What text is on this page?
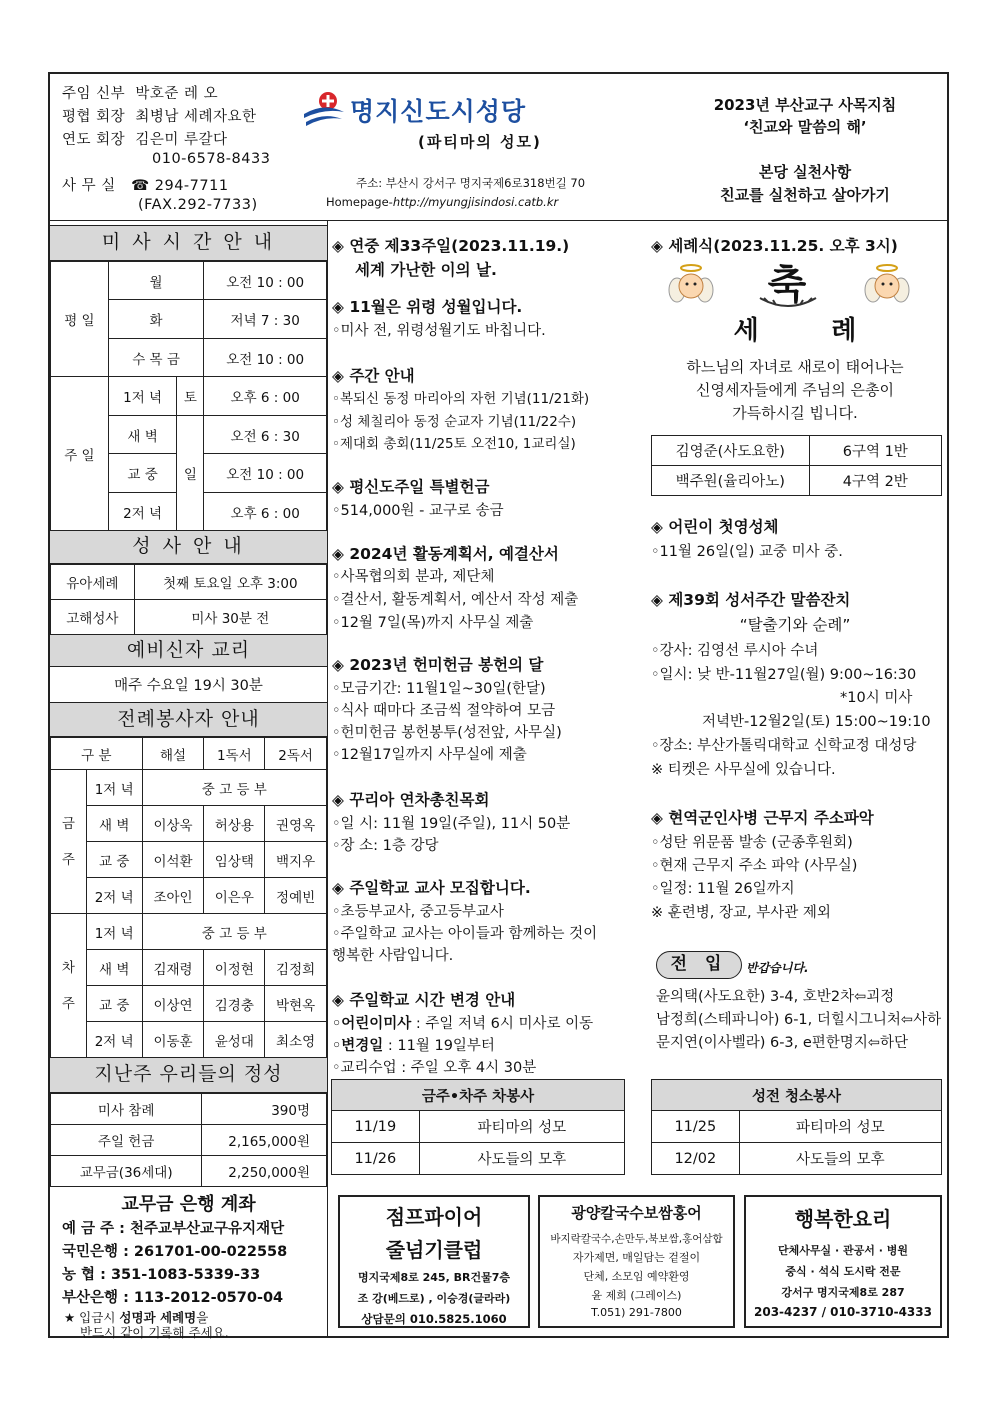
주임 신부 박호준 레 오
평협 회장 최병남 세례자요한
연도 회장 김은미 루갈다
010-6578-8433
사 무 실 ☎ 294-7711
(FAX.292-7733)
명지신도시성당
(파티마의 성모)
주소: 부산시 강서구 명지국제6로318번길 70
Homepage-http://myungjisindosi.catb.kr
2023년 부산교구 사목지침
‘친교와 말씀의 해’
본당 실천사항
친교를 실천하고 살아가기
미 사 시 간 안 내
평 일	월		오전 10 : 00
	화		저녁 7 : 30
	수 목 금		오전 10 : 00
주 일	1저 녁	토	오후 6 : 00
	새 벽	일	오전 6 : 30
	교 중		오전 10 : 00
	2저 녁		오후 6 : 00
성 사 안 내
유아세례	첫째 토요일 오후 3:00
고해성사	미사 30분 전
예비신자 교리
매주 수요일 19시 30분
전례봉사자 안내
구 분		해설	1독서	2독서

금
주	1저 녁	중 고 등 부		
	새 벽	이상욱	허상용	권영옥
	교 중	이석환	임상택	백지우
	2저 녁	조아인	이은우	정예빈

차
주	1저 녁	중 고 등 부		
	새 벽	김재령	이정현	김정희
	교 중	이상연	김경충	박현옥
	2저 녁	이동훈	윤성대	최소영
지난주 우리들의 정성
미사 참례	390명
주일 헌금	2,165,000원
교무금(36세대)	2,250,000원
교무금 은행 계좌
예 금 주 : 천주교부산교구유지재단
국민은행 : 261701-00-022558
농 협 : 351-1083-5339-33
부산은행 : 113-2012-0570-04
★ 입금시 성명과 세례명을
반드시 같이 기록해 주세요.
◈ 연중 제33주일(2023.11.19.)
세계 가난한 이의 날.
◈ 11월은 위령 성월입니다.
◦미사 전, 위령성월기도 바칩니다.
◈ 주간 안내
◦복되신 동정 마리아의 자헌 기념(11/21화)
◦성 체칠리아 동정 순교자 기념(11/22수)
◦제대회 총회(11/25토 오전10, 1교리실)
◈ 평신도주일 특별헌금
◦514,000원 - 교구로 송금
◈ 2024년 활동계획서, 예결산서
◦사목협의회 분과, 제단체
◦결산서, 활동계획서, 예산서 작성 제출
◦12월 7일(목)까지 사무실 제출
◈ 2023년 헌미헌금 봉헌의 달
◦모금기간: 11월1일~30일(한달)
◦식사 때마다 조금씩 절약하여 모금
◦헌미헌금 봉헌봉투(성전앞, 사무실)
◦12월17일까지 사무실에 제출
◈ 꾸리아 연차총친목회
◦일 시: 11월 19일(주일), 11시 50분
◦장 소: 1층 강당
◈ 주일학교 교사 모집합니다.
◦초등부교사, 중고등부교사
◦주일학교 교사는 아이들과 함께하는 것이
행복한 사람입니다.
◈ 주일학교 시간 변경 안내
◦어린이미사 : 주일 저녁 6시 미사로 이동
◦변경일 : 11월 19일부터
◦교리수업 : 주일 오후 4시 30분
금주•차주 차봉사	
11/19	파티마의 성모
11/26	사도들의 모후
◈ 세례식(2023.11.25. 오후 3시)
축
세        례
하느님의 자녀로 새로이 태어나는
신영세자들에게 주님의 은총이
가득하시길 빕니다.
김영준(사도요한)	6구역 1반
백주원(율리아노)	4구역 2반
◈ 어린이 첫영성체
◦11월 26일(일) 교중 미사 중.
◈ 제39회 성서주간 말씀잔치
“탈출기와 순례”
◦강사: 김영선 루시아 수녀
◦일시: 낮 반-11월27일(월) 9:00~16:30
*10시 미사
저녁반-12월2일(토) 15:00~19:10
◦장소: 부산가톨릭대학교 신학교정 대성당
※ 티켓은 사무실에 있습니다.
◈ 현역군인사병 근무지 주소파악
◦성탄 위문품 발송 (군종후원회)
◦현재 근무지 주소 파악 (사무실)
◦일정: 11월 26일까지
※ 훈련병, 장교, 부사관 제외
전 입	반갑습니다.
윤의택(사도요한) 3-4, 호반2차⇦괴정
남정희(스테파니아) 6-1, 더힐시그니처⇦사하
문지연(이사벨라) 6-3, e편한명지⇦하단
성전 청소봉사	
11/25	파티마의 성모
12/02	사도들의 모후
점프파이어
줄넘기클럽
명지국제8로 245, BR건물7층
조 강(베드로) , 이승경(글라라)
상담문의 010.5825.1060
광양칼국수보쌈홍어
바지락칼국수,손만두,북보쌈,홍어삼합
자가제면, 매일담는 겉절이
단체, 소모임 예약환영
윤 제희 (그레이스)
T.051) 291-7800
행복한요리
단체사무실 · 관공서 · 병원
중식 · 석식 도시락 전문
강서구 명지국제8로 287
203-4237 / 010-3710-4333
